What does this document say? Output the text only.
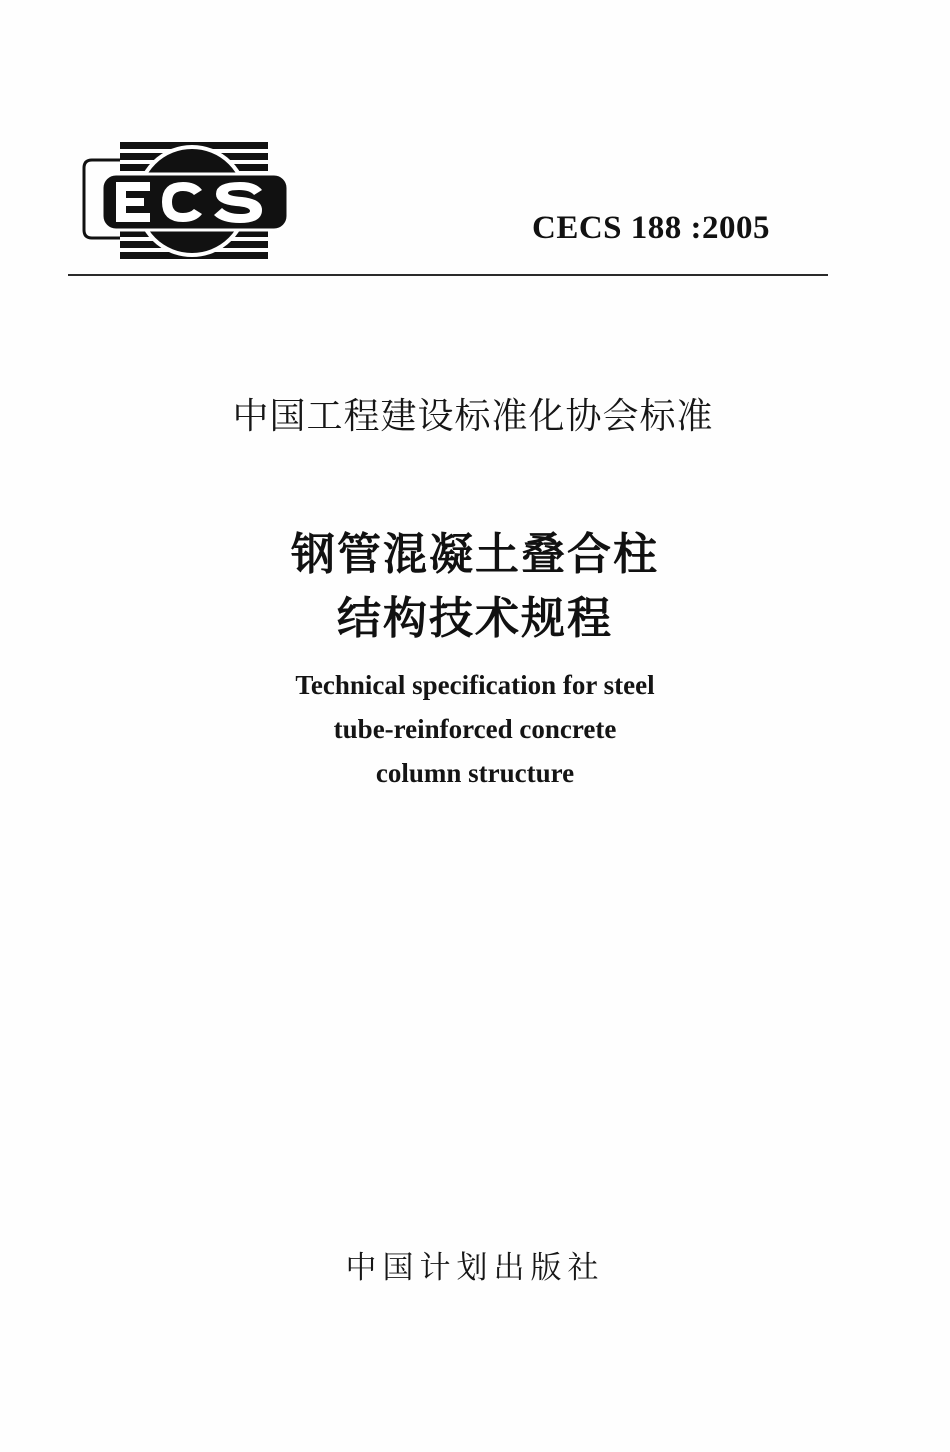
CECS 188 :2005
中国工程建设标准化协会标准
钢管混凝土叠合柱
结构技术规程
Technical specification for steel
tube-reinforced concrete
column structure
中国计划出版社
